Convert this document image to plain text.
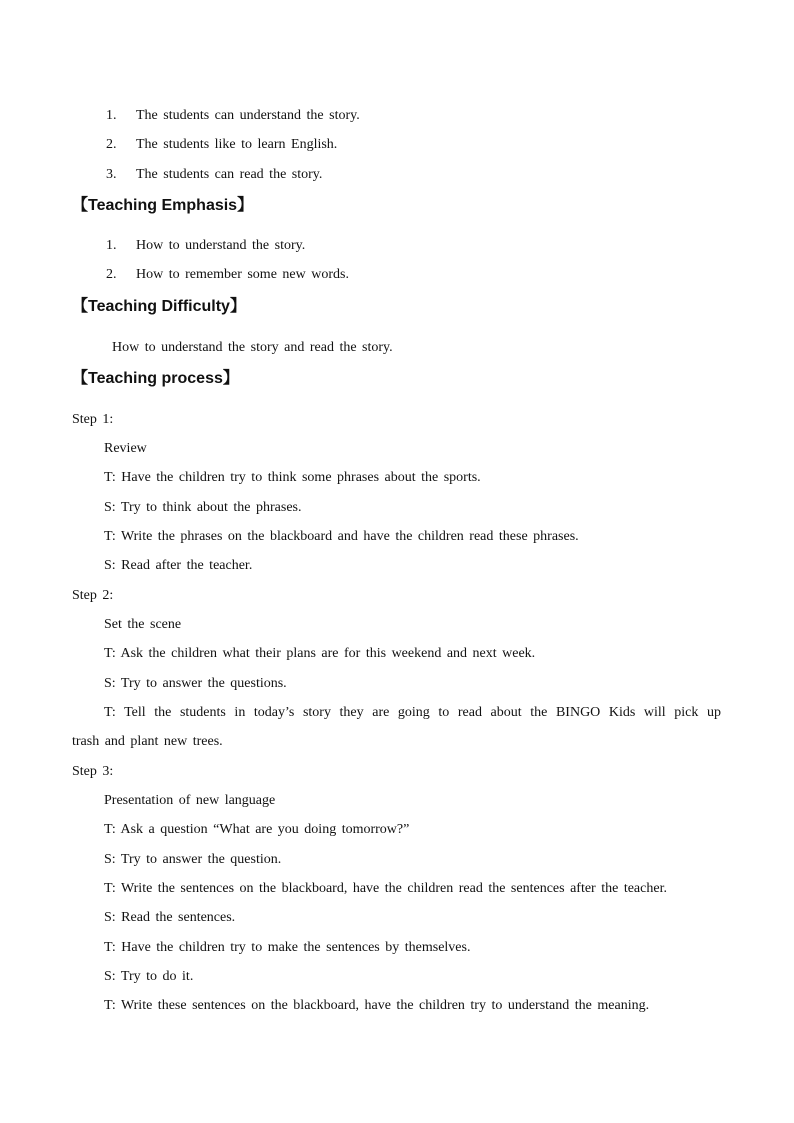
1. The students can understand the story.
2. The students like to learn English.
3. The students can read the story.
【Teaching Emphasis】
1. How to understand the story.
2. How to remember some new words.
【Teaching Difficulty】
How to understand the story and read the story.
【Teaching process】
Step 1:
Review
T: Have the children try to think some phrases about the sports.
S: Try to think about the phrases.
T: Write the phrases on the blackboard and have the children read these phrases.
S: Read after the teacher.
Step 2:
Set the scene
T: Ask the children what their plans are for this weekend and next week.
S: Try to answer the questions.
T: Tell the students in today’s story they are going to read about the BINGO Kids will pick up
trash and plant new trees.
Step 3:
Presentation of new language
T: Ask a question “What are you doing tomorrow?”
S: Try to answer the question.
T: Write the sentences on the blackboard, have the children read the sentences after the teacher.
S: Read the sentences.
T: Have the children try to make the sentences by themselves.
S: Try to do it.
T: Write these sentences on the blackboard, have the children try to understand the meaning.
